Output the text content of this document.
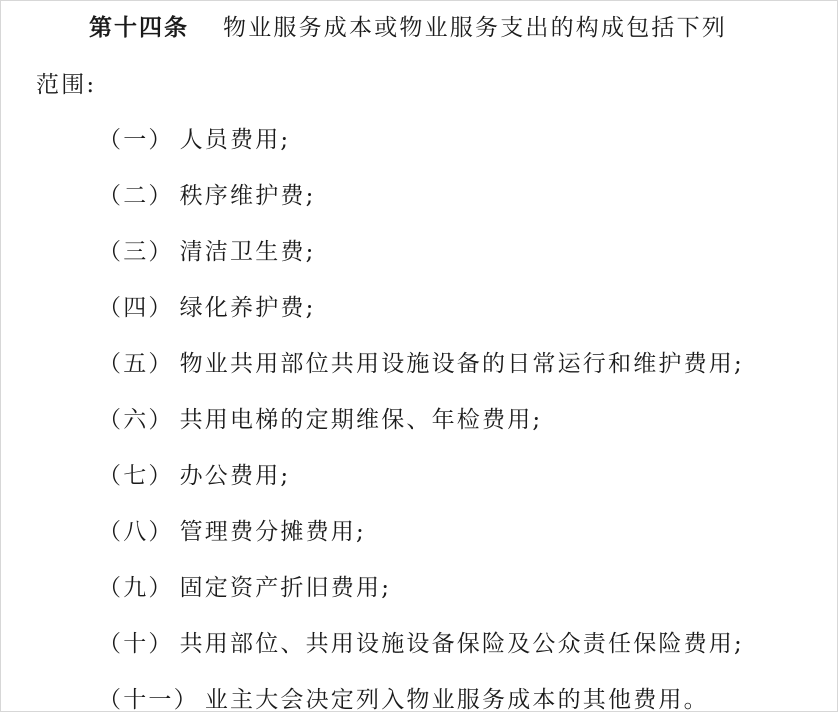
第十四条 物业服务成本或物业服务支出的构成包括下列
范围:
（一） 人员费用;
（二） 秩序维护费;
（三） 清洁卫生费;
（四） 绿化养护费;
（五） 物业共用部位共用设施设备的日常运行和维护费用;
（六） 共用电梯的定期维保、年检费用;
（七） 办公费用;
（八） 管理费分摊费用;
（九） 固定资产折旧费用;
（十） 共用部位、共用设施设备保险及公众责任保险费用;
（十一） 业主大会决定列入物业服务成本的其他费用。
